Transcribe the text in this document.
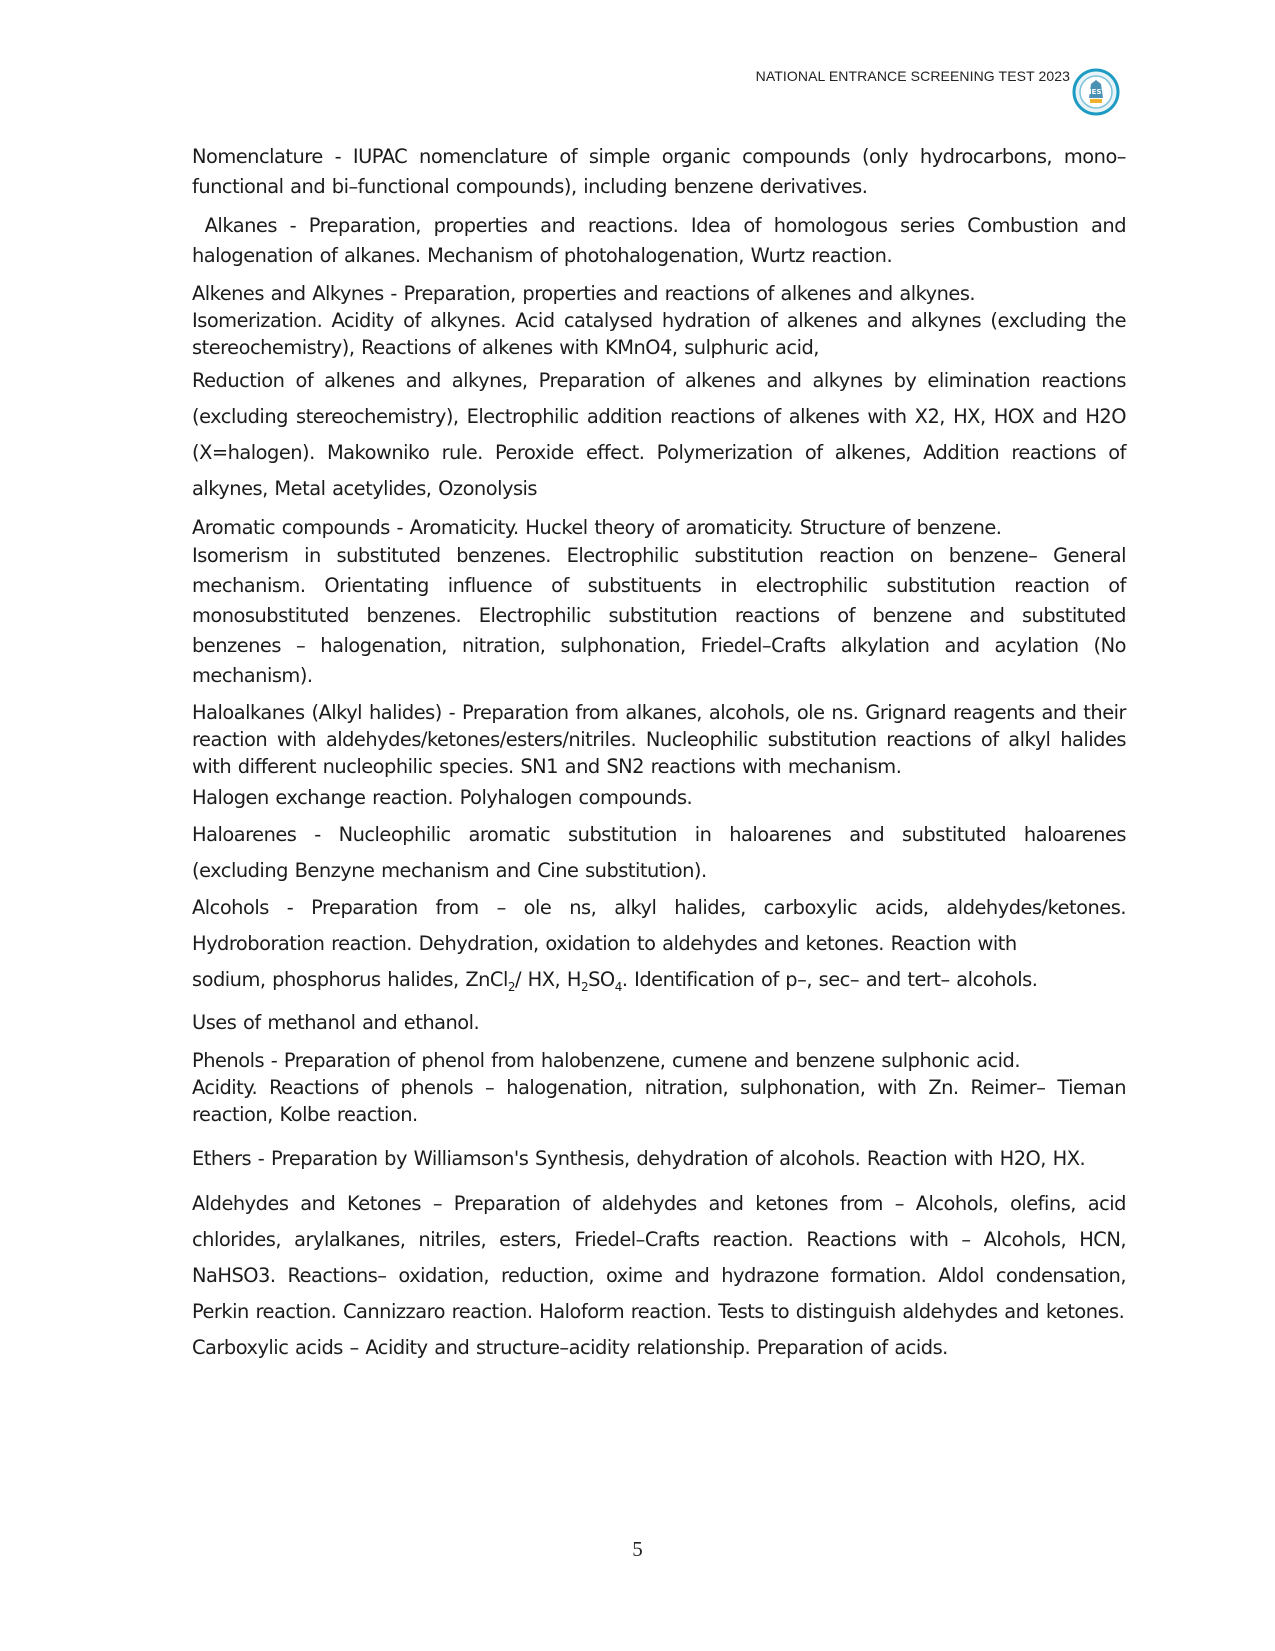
NATIONAL ENTRANCE SCREENING TEST 2023
NEST

Nomenclature - IUPAC nomenclature of simple organic compounds (only hydrocarbons, mono– functional and bi–functional compounds), including benzene derivatives.

Alkanes - Preparation, properties and reactions. Idea of homologous series Combustion and halogenation of alkanes. Mechanism of photohalogenation, Wurtz reaction.

Alkenes and Alkynes - Preparation, properties and reactions of alkenes and alkynes.

Isomerization. Acidity of alkynes. Acid catalysed hydration of alkenes and alkynes (excluding the stereochemistry), Reactions of alkenes with KMnO4, sulphuric acid,

Reduction of alkenes and alkynes, Preparation of alkenes and alkynes by elimination reactions (excluding stereochemistry), Electrophilic addition reactions of alkenes with X2, HX, HOX and H2O (X=halogen). Makowniko rule. Peroxide effect. Polymerization of alkenes, Addition reactions of alkynes, Metal acetylides, Ozonolysis

Aromatic compounds - Aromaticity. Huckel theory of aromaticity. Structure of benzene.

Isomerism in substituted benzenes. Electrophilic substitution reaction on benzene– General mechanism. Orientating influence of substituents in electrophilic substitution reaction of monosubstituted benzenes. Electrophilic substitution reactions of benzene and substituted benzenes – halogenation, nitration, sulphonation, Friedel–Crafts alkylation and acylation (No mechanism).

Haloalkanes (Alkyl halides) - Preparation from alkanes, alcohols, ole ns. Grignard reagents and their reaction with aldehydes/ketones/esters/nitriles. Nucleophilic substitution reactions of alkyl halides with different nucleophilic species. SN1 and SN2 reactions with mechanism.

Halogen exchange reaction. Polyhalogen compounds.

Haloarenes - Nucleophilic aromatic substitution in haloarenes and substituted haloarenes (excluding Benzyne mechanism and Cine substitution).

Alcohols - Preparation from – ole ns, alkyl halides, carboxylic acids, aldehydes/ketones. Hydroboration reaction. Dehydration, oxidation to aldehydes and ketones. Reaction with

sodium, phosphorus halides, ZnCl$_2$/ HX, $H_2SO_4$. Identification of p–, sec– and tert– alcohols.

Uses of methanol and ethanol.

Phenols - Preparation of phenol from halobenzene, cumene and benzene sulphonic acid.

Acidity. Reactions of phenols – halogenation, nitration, sulphonation, with Zn. Reimer– Tieman reaction, Kolbe reaction.

Ethers - Preparation by Williamson's Synthesis, dehydration of alcohols. Reaction with H2O, HX.

Aldehydes and Ketones – Preparation of aldehydes and ketones from – Alcohols, olefins, acid chlorides, arylalkanes, nitriles, esters, Friedel–Crafts reaction. Reactions with – Alcohols, HCN, NaHSO3. Reactions– oxidation, reduction, oxime and hydrazone formation. Aldol condensation, Perkin reaction. Cannizzaro reaction. Haloform reaction. Tests to distinguish aldehydes and ketones.

Carboxylic acids – Acidity and structure–acidity relationship. Preparation of acids.

5
